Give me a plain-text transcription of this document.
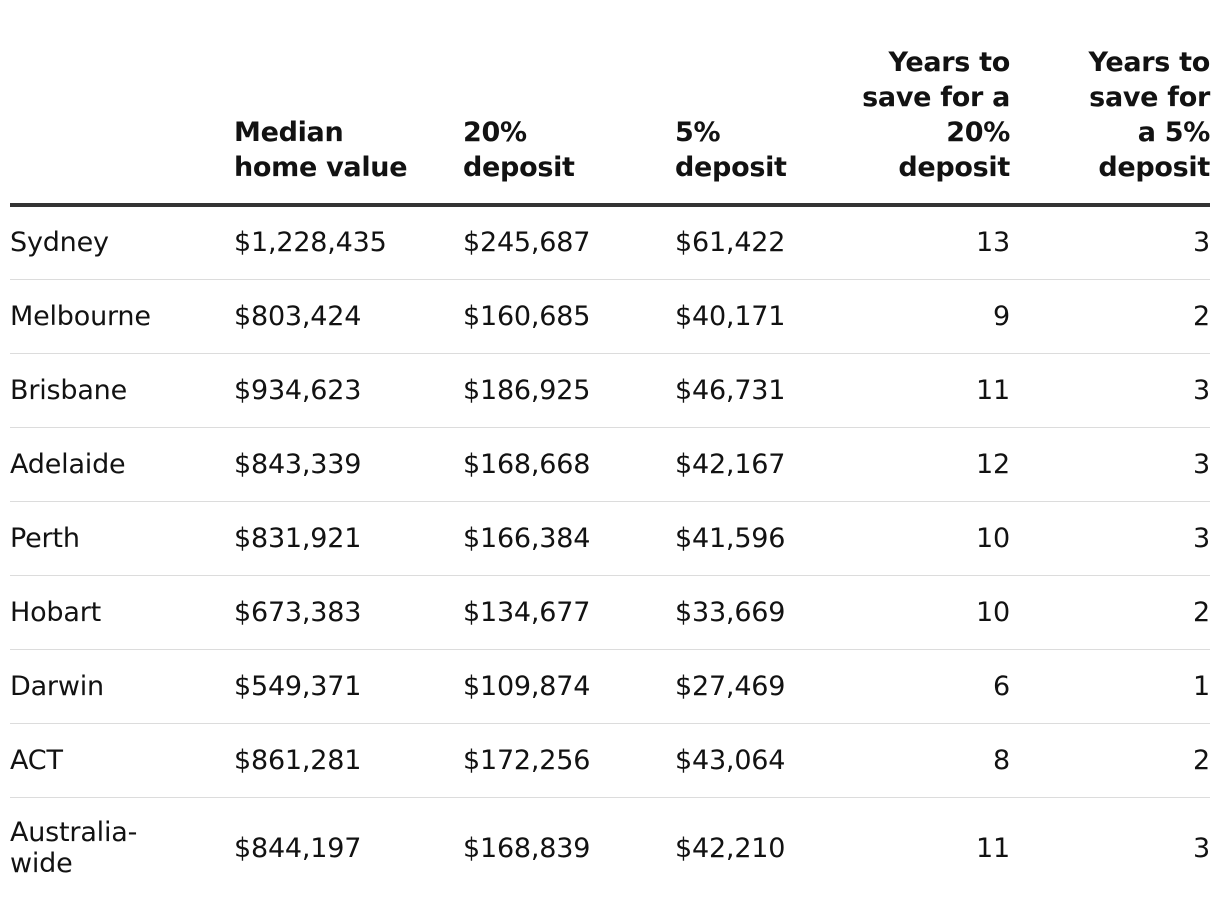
	Median home value	20% deposit	5% deposit	Years to save for a 20% deposit	Years to save for a 5% deposit
Sydney	$1,228,435	$245,687	$61,422	13	3
Melbourne	$803,424	$160,685	$40,171	9	2
Brisbane	$934,623	$186,925	$46,731	11	3
Adelaide	$843,339	$168,668	$42,167	12	3
Perth	$831,921	$166,384	$41,596	10	3
Hobart	$673,383	$134,677	$33,669	10	2
Darwin	$549,371	$109,874	$27,469	6	1
ACT	$861,281	$172,256	$43,064	8	2
Australia-wide	$844,197	$168,839	$42,210	11	3
